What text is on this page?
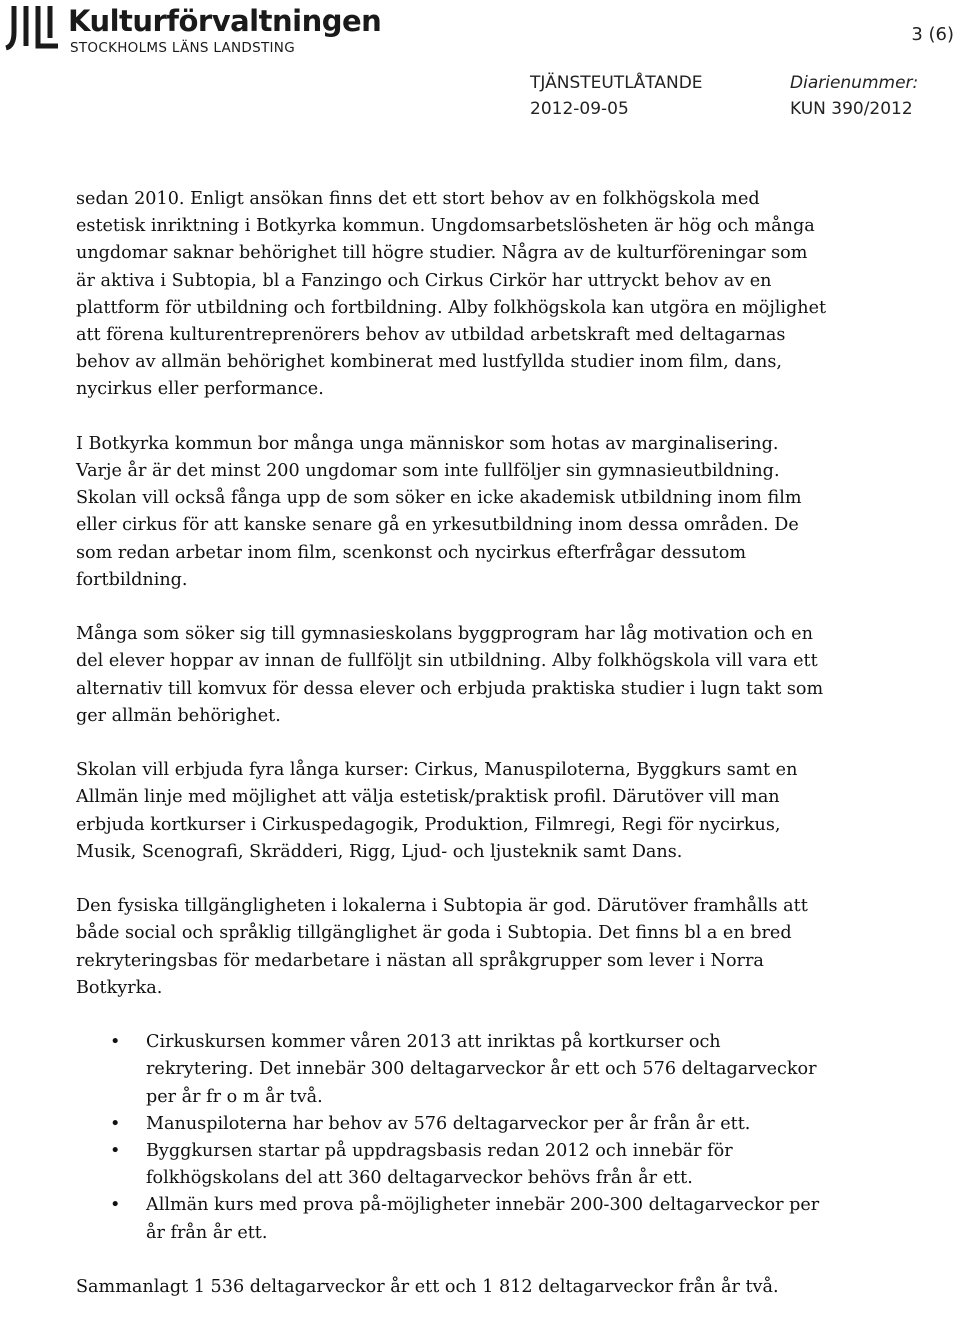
Kulturförvaltningen
STOCKHOLMS LÄNS LANDSTING
3 (6)
TJÄNSTEUTLÅTANDE
2012-09-05
Diarienummer:
KUN 390/2012

sedan 2010. Enligt ansökan finns det ett stort behov av en folkhögskola med estetisk inriktning i Botkyrka kommun. Ungdomsarbetslösheten är hög och många ungdomar saknar behörighet till högre studier. Några av de kulturföreningar som är aktiva i Subtopia, bl a Fanzingo och Cirkus Cirkör har uttryckt behov av en plattform för utbildning och fortbildning. Alby folkhögskola kan utgöra en möjlighet att förena kulturentreprenörers behov av utbildad arbetskraft med deltagarnas behov av allmän behörighet kombinerat med lustfyllda studier inom film, dans, nycirkus eller performance.

I Botkyrka kommun bor många unga människor som hotas av marginalisering. Varje år är det minst 200 ungdomar som inte fullföljer sin gymnasieutbildning. Skolan vill också fånga upp de som söker en icke akademisk utbildning inom film eller cirkus för att kanske senare gå en yrkesutbildning inom dessa områden. De som redan arbetar inom film, scenkonst och nycirkus efterfrågar dessutom fortbildning.

Många som söker sig till gymnasieskolans byggprogram har låg motivation och en del elever hoppar av innan de fullföljt sin utbildning. Alby folkhögskola vill vara ett alternativ till komvux för dessa elever och erbjuda praktiska studier i lugn takt som ger allmän behörighet.

Skolan vill erbjuda fyra långa kurser: Cirkus, Manuspiloterna, Byggkurs samt en Allmän linje med möjlighet att välja estetisk/praktisk profil. Därutöver vill man erbjuda kortkurser i Cirkuspedagogik, Produktion, Filmregi, Regi för nycirkus, Musik, Scenografi, Skrädderi, Rigg, Ljud- och ljusteknik samt Dans.

Den fysiska tillgängligheten i lokalerna i Subtopia är god. Därutöver framhålls att både social och språklig tillgänglighet är goda i Subtopia. Det finns bl a en bred rekryteringsbas för medarbetare i nästan all språkgrupper som lever i Norra Botkyrka.

• Cirkuskursen kommer våren 2013 att inriktas på kortkurser och rekrytering. Det innebär 300 deltagarveckor år ett och 576 deltagarveckor per år fr o m år två.
• Manuspiloterna har behov av 576 deltagarveckor per år från år ett.
• Byggkursen startar på uppdragsbasis redan 2012 och innebär för folkhögskolans del att 360 deltagarveckor behövs från år ett.
• Allmän kurs med prova på-möjligheter innebär 200-300 deltagarveckor per år från år ett.

Sammanlagt 1 536 deltagarveckor år ett och 1 812 deltagarveckor från år två.
